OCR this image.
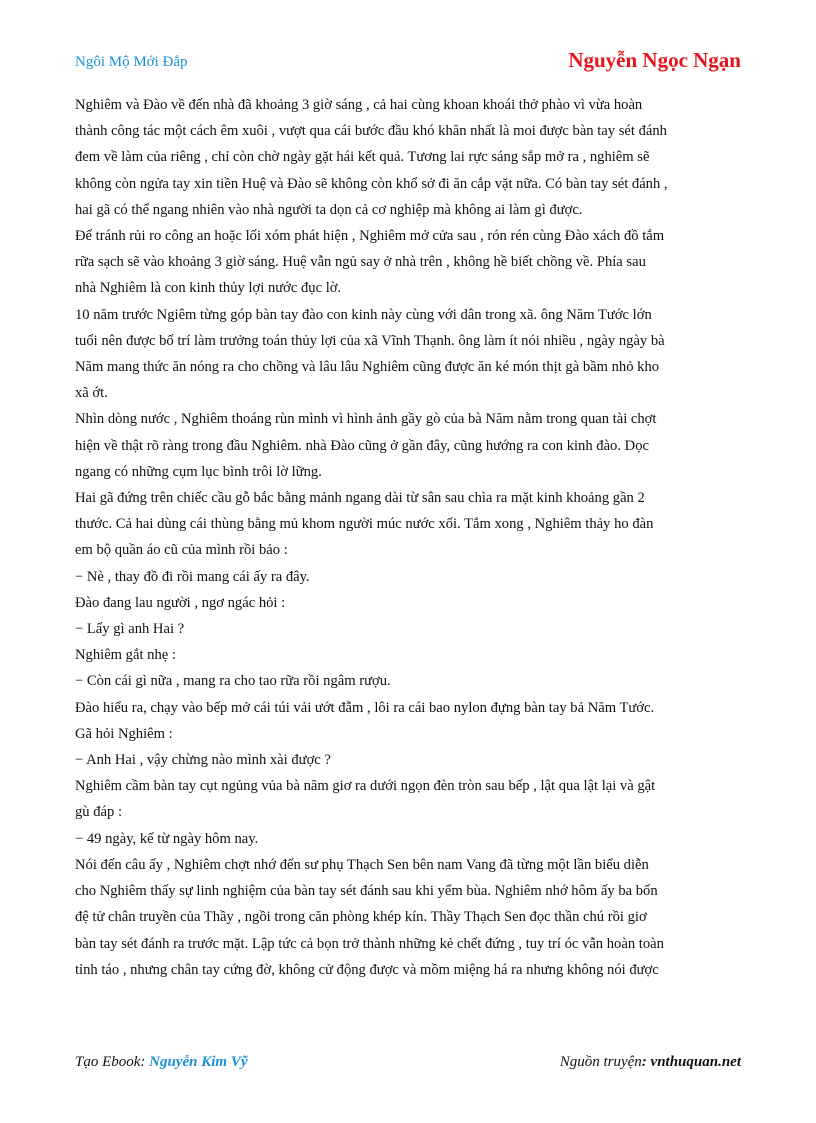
Ngôi Mộ Mới Đắp	Nguyễn Ngọc Ngạn

Nghiêm và Đào về đến nhà đã khoảng 3 giờ sáng , cả hai cùng khoan khoái thở phào vì vừa hoàn

thành công tác một cách êm xuôi , vượt qua cái bước đầu khó khăn nhất là moi được bàn tay sét đánh

đem về làm của riêng , chỉ còn chờ ngày gặt hái kết quả. Tương lai rực sáng sắp mở ra , nghiêm sẽ

không còn ngửa tay xin tiền Huệ và Đào sẽ không còn khổ sở đi ăn cắp vặt nữa. Có bàn tay sét đánh ,

hai gã có thể ngang nhiên vào nhà người ta dọn cả cơ nghiệp mà không ai làm gì được.

Để tránh rủi ro công an hoặc lối xóm phát hiện , Nghiêm mở cửa sau , rón rén cùng Đào xách đồ tắm

rữa sạch sẽ vào khoảng 3 giờ sáng. Huệ vẫn ngủ say ở nhà trên , không hề biết chồng về. Phía sau

nhà Nghiêm là con kinh thủy lợi nước đục lờ.

10 năm trước Ngiêm từng góp bàn tay đào con kinh này cùng với dân trong xã. ông Năm Tước lớn

tuổi nên được bố trí làm trưởng toán thủy lợi của xã Vĩnh Thạnh. ông làm ít nói nhiều , ngày ngày bà

Năm mang thức ăn nóng ra cho chồng và lâu lâu Nghiêm cũng được ăn ké món thịt gà bầm nhỏ kho

xã ớt.

Nhìn dòng nước , Nghiêm thoáng rùn mình vì hình ảnh gầy gò của bà Năm nằm trong quan tài chợt

hiện về thật rõ ràng trong đầu Nghiêm. nhà Đào cũng ở gần đây, cũng hướng ra con kinh đào. Dọc

ngang có những cụm lục bình trôi lờ lững.

Hai gã đứng trên chiếc cầu gỗ bắc bằng mảnh ngang dài từ sân sau chìa ra mặt kinh khoảng gần 2

thước. Cả hai dùng cái thùng bằng mủ khom người múc nước xối. Tắm xong , Nghiêm thảy ho đàn

em bộ quần áo cũ của mình rồi bảo :

− Nè , thay đồ đi rồi mang cái ấy ra đây.

Đào đang lau người , ngơ ngác hỏi :

− Lấy gì anh Hai ?

Nghiêm gắt nhẹ :

− Còn cái gì nữa , mang ra cho tao rữa rồi ngâm rượu.

Đào hiểu ra, chạy vào bếp mở cái túi vải ướt đẫm , lôi ra cái bao nylon đựng bàn tay bả Năm Tước.

Gã hỏi Nghiêm :

− Anh Hai , vậy chừng nào mình xài được ?

Nghiêm cầm bàn tay cụt ngủng vủa bà năm giơ ra dưới ngọn đèn tròn sau bếp , lật qua lật lại và gật

gù đáp :

− 49 ngày, kể từ ngày hôm nay.

Nói đến câu ấy , Nghiêm chợt nhớ đến sư phụ Thạch Sen bên nam Vang đã từng một lần biểu diễn

cho Nghiêm thấy sự linh nghiệm của bàn tay sét đánh sau khi yểm bùa. Nghiêm nhớ hôm ấy ba bốn

đệ tử chân truyền của Thầy , ngồi trong căn phòng khép kín. Thầy Thạch Sen đọc thần chú rồi giơ

bàn tay sét đánh ra trước mặt. Lập tức cả bọn trở thành những kẻ chết đứng , tuy trí óc vẫn hoàn toàn

tỉnh táo , nhưng chân tay cứng đờ, không cử động được và mồm miệng há ra nhưng không nói được

Tạo Ebook: Nguyễn Kim Vỹ	Nguồn truyện: vnthuquan.net
